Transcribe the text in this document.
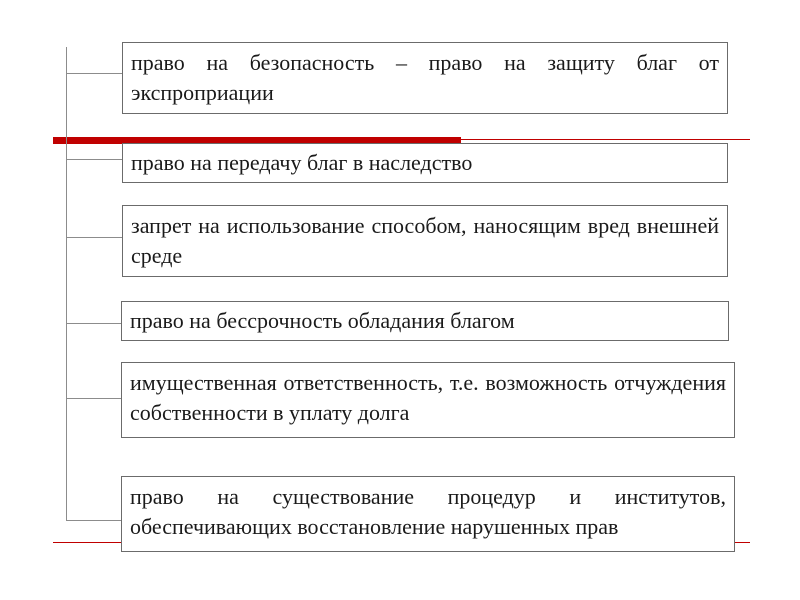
право на безопасность – право на защиту благ от экспроприации
право на передачу благ в наследство
запрет на использование способом, наносящим вред внешней среде
право на бессрочность обладания благом
имущественная ответственность, т.е. возможность отчуждения собственности в уплату долга
право на существование процедур и институтов, обеспечивающих восстановление нарушенных прав
